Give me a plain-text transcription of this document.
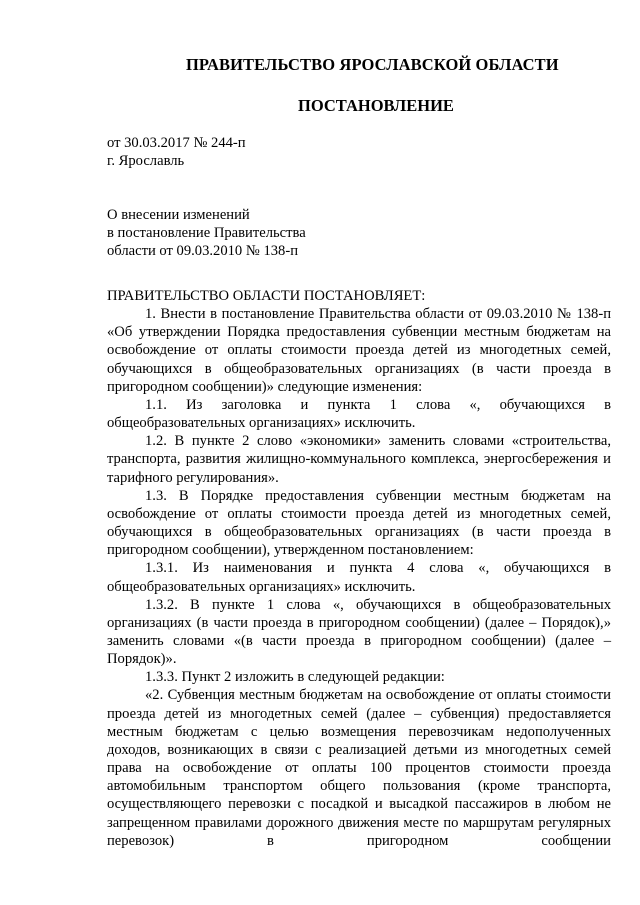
ПРАВИТЕЛЬСТВО ЯРОСЛАВСКОЙ ОБЛАСТИ
ПОСТАНОВЛЕНИЕ
от 30.03.2017 № 244-п
г. Ярославль
О внесении изменений
в постановление Правительства
области от 09.03.2010 № 138-п

ПРАВИТЕЛЬСТВО ОБЛАСТИ ПОСТАНОВЛЯЕТ:

1. Внести в постановление Правительства области от 09.03.2010 № 138-п «Об утверждении Порядка предоставления субвенции местным бюджетам на освобождение от оплаты стоимости проезда детей из многодетных семей, обучающихся в общеобразовательных организациях (в части проезда в пригородном сообщении)» следующие изменения:

1.1. Из заголовка и пункта 1 слова «, обучающихся в общеобразовательных организациях» исключить.

1.2. В пункте 2 слово «экономики» заменить словами «строительства, транспорта, развития жилищно-коммунального комплекса, энергосбережения и тарифного регулирования».

1.3. В Порядке предоставления субвенции местным бюджетам на освобождение от оплаты стоимости проезда детей из многодетных семей, обучающихся в общеобразовательных организациях (в части проезда в пригородном сообщении), утвержденном постановлением:

1.3.1. Из наименования и пункта 4 слова «, обучающихся в общеобразовательных организациях» исключить.

1.3.2. В пункте 1 слова «, обучающихся в общеобразовательных организациях (в части проезда в пригородном сообщении) (далее – Порядок),» заменить словами «(в части проезда в пригородном сообщении) (далее – Порядок)».

1.3.3. Пункт 2 изложить в следующей редакции:

«2. Субвенция местным бюджетам на освобождение от оплаты стоимости проезда детей из многодетных семей (далее – субвенция) предоставляется местным бюджетам с целью возмещения перевозчикам недополученных доходов, возникающих в связи с реализацией детьми из многодетных семей права на освобождение от оплаты 100 процентов стоимости проезда автомобильным транспортом общего пользования (кроме транспорта, осуществляющего перевозки с посадкой и высадкой пассажиров в любом не запрещенном правилами дорожного движения месте по маршрутам регулярных перевозок) в пригородном сообщении
